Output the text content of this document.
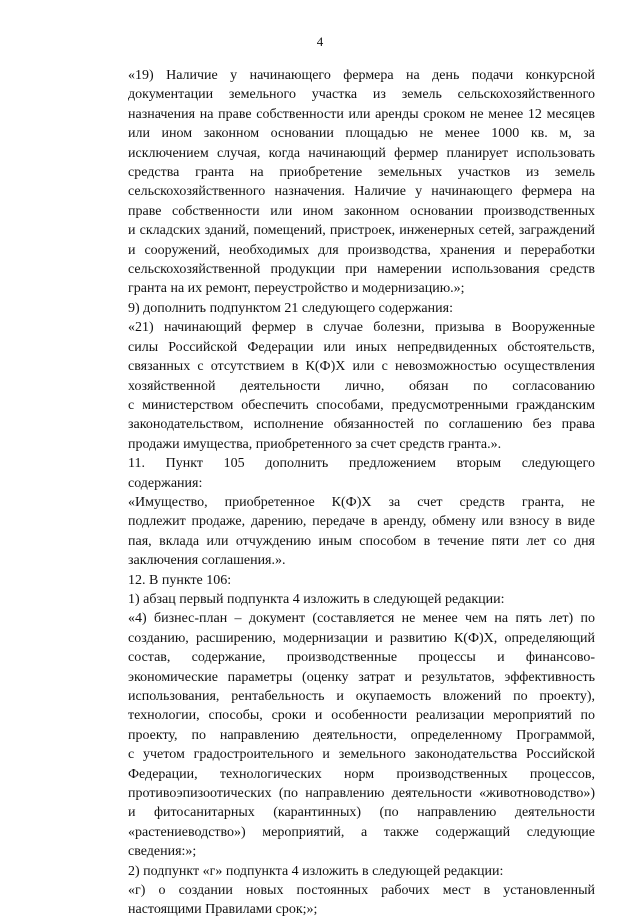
4

«19) Наличие у начинающего фермера на день подачи конкурсной
документации земельного участка из земель сельскохозяйственного
назначения на праве собственности или аренды сроком не менее 12 месяцев
или ином законном основании площадью не менее 1000 кв. м, за
исключением случая, когда начинающий фермер планирует использовать
средства гранта на приобретение земельных участков из земель
сельскохозяйственного назначения. Наличие у начинающего фермера на
праве собственности или ином законном основании производственных
и складских зданий, помещений, пристроек, инженерных сетей, заграждений
и сооружений, необходимых для производства, хранения и переработки
сельскохозяйственной продукции при намерении использования средств
гранта на их ремонт, переустройство и модернизацию.»;

9) дополнить подпунктом 21 следующего содержания:

«21) начинающий фермер в случае болезни, призыва в Вооруженные
силы Российской Федерации или иных непредвиденных обстоятельств,
связанных с отсутствием в К(Ф)Х или с невозможностью осуществления
хозяйственной деятельности лично, обязан по согласованию
с министерством обеспечить способами, предусмотренными гражданским
законодательством, исполнение обязанностей по соглашению без права
продажи имущества, приобретенного за счет средств гранта.».

11. Пункт 105 дополнить предложением вторым следующего
содержания:

«Имущество, приобретенное К(Ф)Х за счет средств гранта, не
подлежит продаже, дарению, передаче в аренду, обмену или взносу в виде
пая, вклада или отчуждению иным способом в течение пяти лет со дня
заключения соглашения.».

12. В пункте 106:

1) абзац первый подпункта 4 изложить в следующей редакции:

«4) бизнес-план – документ (составляется не менее чем на пять лет) по
созданию, расширению, модернизации и развитию К(Ф)Х, определяющий
состав, содержание, производственные процессы и финансово-
экономические параметры (оценку затрат и результатов, эффективность
использования, рентабельность и окупаемость вложений по проекту),
технологии, способы, сроки и особенности реализации мероприятий по
проекту, по направлению деятельности, определенному Программой,
с учетом градостроительного и земельного законодательства Российской
Федерации, технологических норм производственных процессов,
противоэпизоотических (по направлению деятельности «животноводство»)
и фитосанитарных (карантинных) (по направлению деятельности
«растениеводство») мероприятий, а также содержащий следующие
сведения:»;

2) подпункт «г» подпункта 4 изложить в следующей редакции:

«г) о создании новых постоянных рабочих мест в установленный
настоящими Правилами срок;»;
